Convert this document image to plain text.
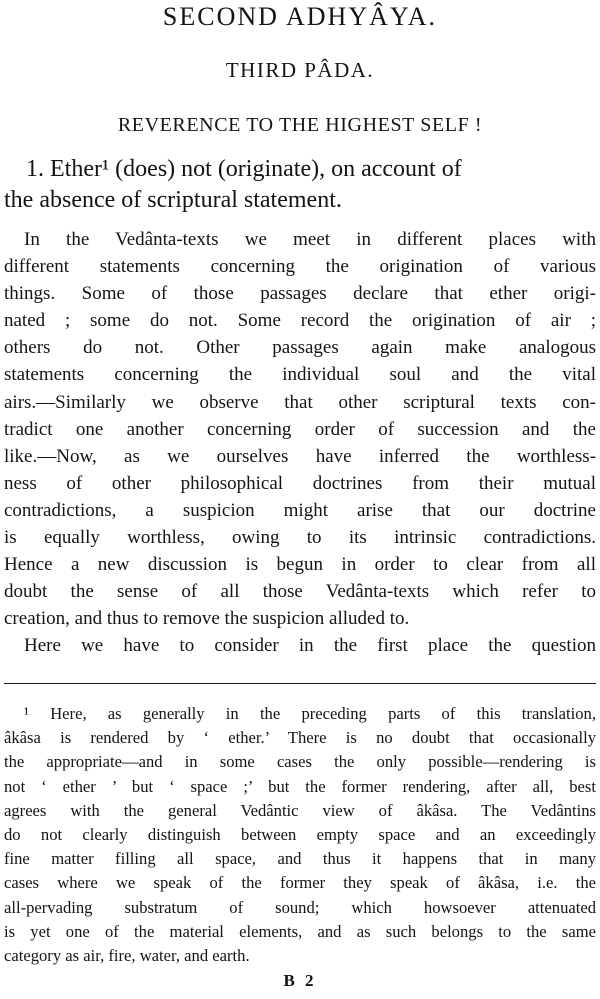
SECOND ADHYÂYA.
THIRD PÂDA.
REVERENCE TO THE HIGHEST SELF !

1. Ether¹ (does) not (originate), on account of
the absence of scriptural statement.

In the Vedânta-texts we meet in different places with
different statements concerning the origination of various
things. Some of those passages declare that ether origi-
nated ; some do not. Some record the origination of air ;
others do not. Other passages again make analogous
statements concerning the individual soul and the vital
airs.—Similarly we observe that other scriptural texts con-
tradict one another concerning order of succession and the
like.—Now, as we ourselves have inferred the worthless-
ness of other philosophical doctrines from their mutual
contradictions, a suspicion might arise that our doctrine
is equally worthless, owing to its intrinsic contradictions.
Hence a new discussion is begun in order to clear from all
doubt the sense of all those Vedânta-texts which refer to
creation, and thus to remove the suspicion alluded to.
Here we have to consider in the first place the question
¹ Here, as generally in the preceding parts of this translation,
âkâsa is rendered by ‘ ether.’ There is no doubt that occasionally
the appropriate—and in some cases the only possible—rendering is
not ‘ ether ’ but ‘ space ;’ but the former rendering, after all, best
agrees with the general Vedântic view of âkâsa. The Vedântins
do not clearly distinguish between empty space and an exceedingly
fine matter filling all space, and thus it happens that in many
cases where we speak of the former they speak of âkâsa, i.e. the
all-pervading substratum of sound; which howsoever attenuated
is yet one of the material elements, and as such belongs to the same
category as air, fire, water, and earth.
B 2
